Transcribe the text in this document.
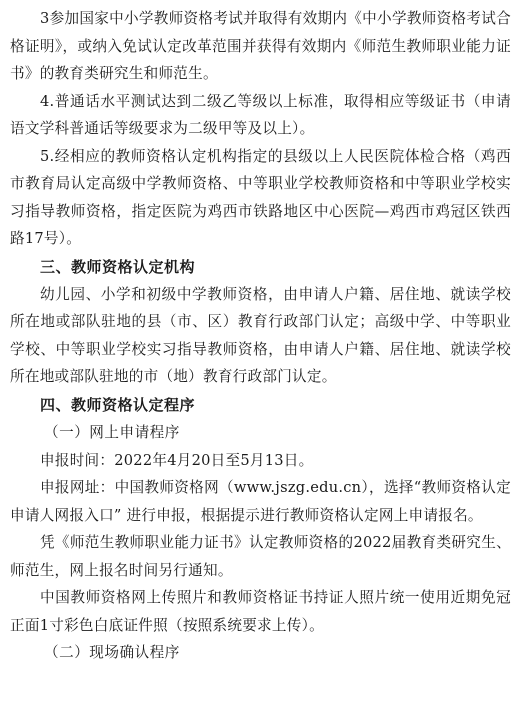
3参加国家中小学教师资格考试并取得有效期内《中小学教师资格考试合格证明》，或纳入免试认定改革范围并获得有效期内《师范生教师职业能力证书》的教育类研究生和师范生。

4.普通话水平测试达到二级乙等级以上标准，取得相应等级证书（申请语文学科普通话等级要求为二级甲等及以上）。

5.经相应的教师资格认定机构指定的县级以上人民医院体检合格（鸡西市教育局认定高级中学教师资格、中等职业学校教师资格和中等职业学校实习指导教师资格，指定医院为鸡西市铁路地区中心医院—鸡西市鸡冠区铁西路17号）。

三、教师资格认定机构

幼儿园、小学和初级中学教师资格，由申请人户籍、居住地、就读学校所在地或部队驻地的县（市、区）教育行政部门认定；高级中学、中等职业学校、中等职业学校实习指导教师资格，由申请人户籍、居住地、就读学校所在地或部队驻地的市（地）教育行政部门认定。

四、教师资格认定程序

（一）网上申请程序

申报时间：2022年4月20日至5月13日。

申报网址：中国教师资格网（www.jszg.edu.cn），选择“教师资格认定申请人网报入口” 进行申报，根据提示进行教师资格认定网上申请报名。

凭《师范生教师职业能力证书》认定教师资格的2022届教育类研究生、师范生，网上报名时间另行通知。

中国教师资格网上传照片和教师资格证书持证人照片统一使用近期免冠正面1寸彩色白底证件照（按照系统要求上传）。

（二）现场确认程序
